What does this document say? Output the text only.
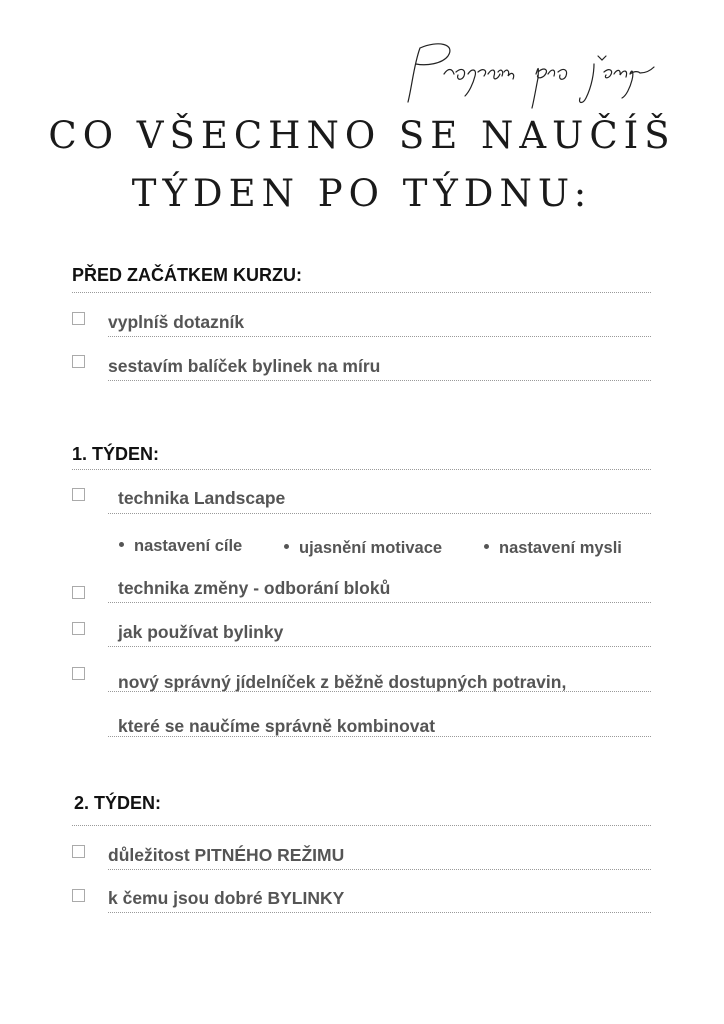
CO VŠECHNO SE NAUČÍŠ
TÝDEN PO TÝDNU:
PŘED ZAČÁTKEM KURZU:
vyplníš dotazník
sestavím balíček bylinek na míru
1. TÝDEN:
technika Landscape
nastavení cíle	ujasnění motivace	nastavení mysli
technika změny - odborání bloků
jak používat bylinky
nový správný jídelníček z běžně dostupných potravin,
které se naučíme správně kombinovat
2. TÝDEN:
důležitost PITNÉHO REŽIMU
k čemu jsou dobré BYLINKY
